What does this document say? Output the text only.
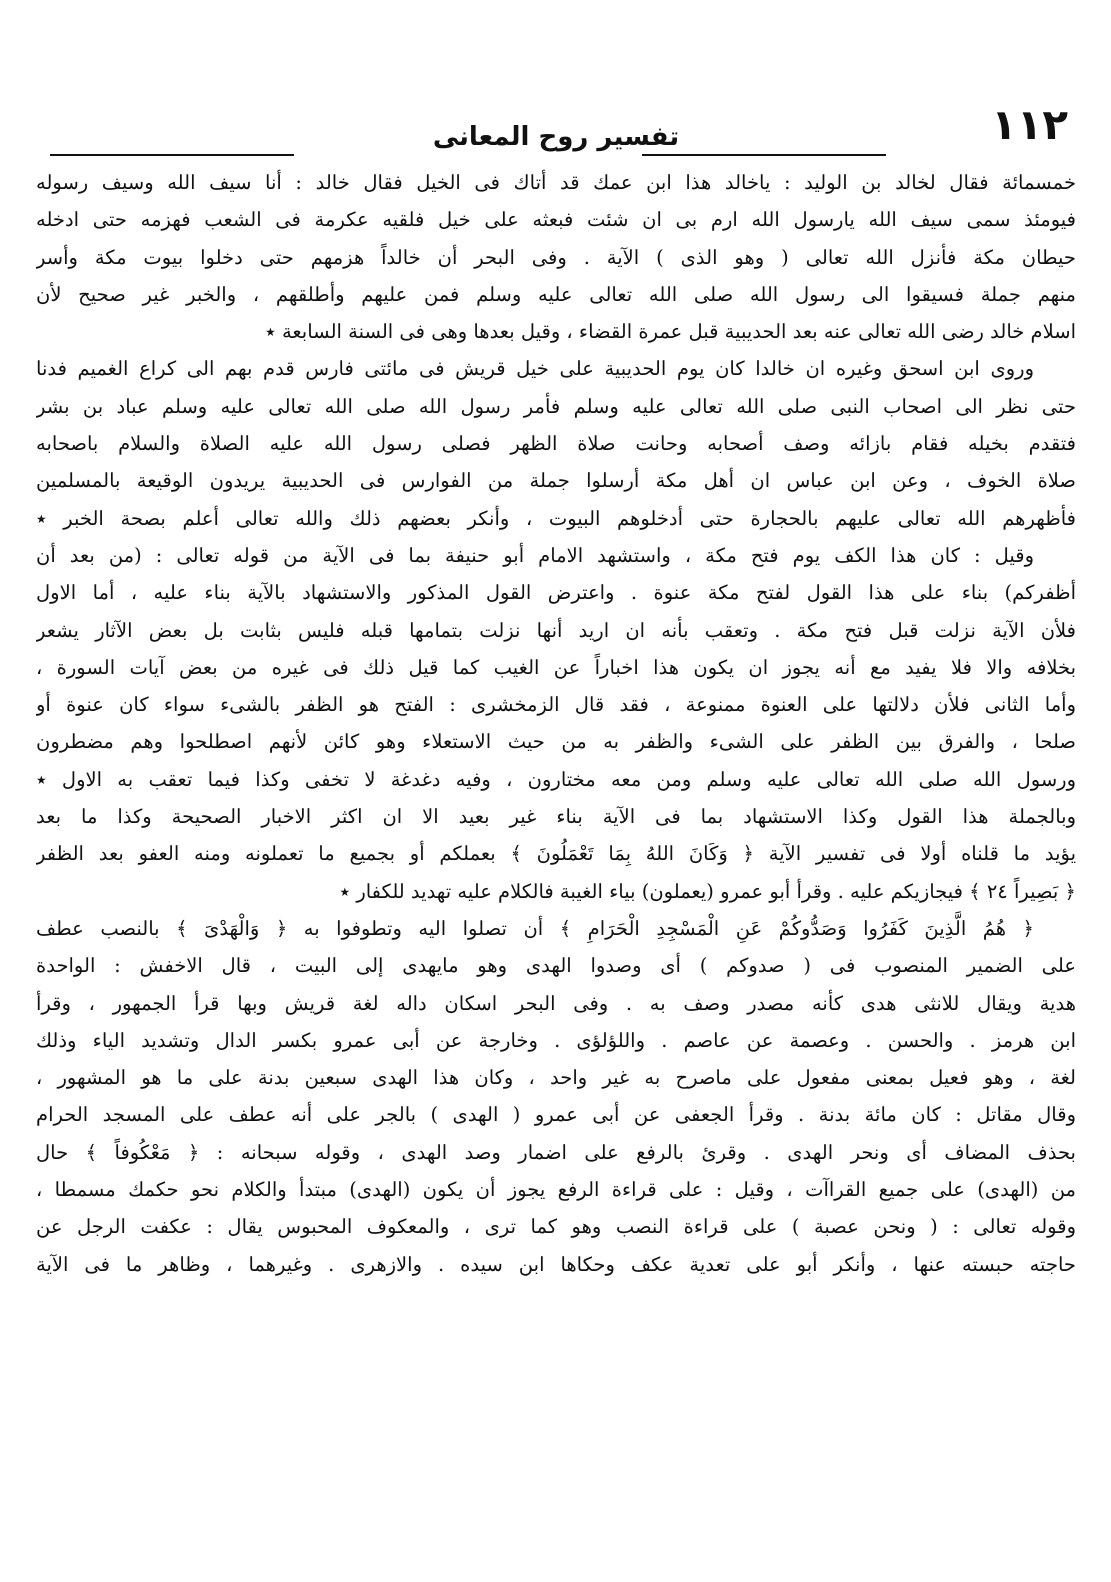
١١٢
تفسير روح المعانى
خمسمائة فقال لخالد بن الوليد : ياخالد هذا ابن عمك قد أتاك فى الخيل فقال خالد : أنا سيف الله وسيف رسوله
فيومئذ سمى سيف الله يارسول الله ارم بى ان شئت فبعثه على خيل فلقيه عكرمة فى الشعب فهزمه حتى ادخله
حيطان مكة فأنزل الله تعالى ( وهو الذى ) الآية . وفى البحر أن خالداً هزمهم حتى دخلوا بيوت مكة وأسر
منهم جملة فسيقوا الى رسول الله صلى الله تعالى عليه وسلم فمن عليهم وأطلقهم ، والخبر غير صحيح لأن
اسلام خالد رضى الله تعالى عنه بعد الحديبية قبل عمرة القضاء ، وقيل بعدها وهى فى السنة السابعة ٭
وروى ابن اسحق وغيره ان خالدا كان يوم الحديبية على خيل قريش فى مائتى فارس قدم بهم الى كراع الغميم فدنا
حتى نظر الى اصحاب النبى صلى الله تعالى عليه وسلم فأمر رسول الله صلى الله تعالى عليه وسلم عباد بن بشر
فتقدم بخيله فقام بازائه وصف أصحابه وحانت صلاة الظهر فصلى رسول الله عليه الصلاة والسلام باصحابه
صلاة الخوف ، وعن ابن عباس ان أهل مكة أرسلوا جملة من الفوارس فى الحديبية يريدون الوقيعة بالمسلمين
فأظهرهم الله تعالى عليهم بالحجارة حتى أدخلوهم البيوت ، وأنكر بعضهم ذلك والله تعالى أعلم بصحة الخبر ٭
وقيل : كان هذا الكف يوم فتح مكة ، واستشهد الامام أبو حنيفة بما فى الآية من قوله تعالى : (من بعد أن
أظفركم) بناء على هذا القول لفتح مكة عنوة . واعترض القول المذكور والاستشهاد بالآية بناء عليه ، أما الاول
فلأن الآية نزلت قبل فتح مكة . وتعقب بأنه ان اريد أنها نزلت بتمامها قبله فليس بثابت بل بعض الآثار يشعر
بخلافه والا فلا يفيد مع أنه يجوز ان يكون هذا اخباراً عن الغيب كما قيل ذلك فى غيره من بعض آيات السورة ،
وأما الثانى فلأن دلالتها على العنوة ممنوعة ، فقد قال الزمخشرى : الفتح هو الظفر بالشىء سواء كان عنوة أو
صلحا ، والفرق بين الظفر على الشىء والظفر به من حيث الاستعلاء وهو كائن لأنهم اصطلحوا وهم مضطرون
ورسول الله صلى الله تعالى عليه وسلم ومن معه مختارون ، وفيه دغدغة لا تخفى وكذا فيما تعقب به الاول ٭
وبالجملة هذا القول وكذا الاستشهاد بما فى الآية بناء غير بعيد الا ان اكثر الاخبار الصحيحة وكذا ما بعد
يؤيد ما قلناه أولا فى تفسير الآية ﴿ وَكَانَ اللهُ بِمَا تَعْمَلُونَ ﴾ بعملكم أو بجميع ما تعملونه ومنه العفو بعد الظفر
﴿ بَصِيراً ٢٤ ﴾ فيجازيكم عليه . وقرأ أبو عمرو (يعملون) بياء الغيبة فالكلام عليه تهديد للكفار ٭
﴿ هُمُ الَّذِينَ كَفَرُوا وَصَدُّوكُمْ عَنِ الْمَسْجِدِ الْحَرَامِ ﴾ أن تصلوا اليه وتطوفوا به ﴿ وَالْهَدْىَ ﴾ بالنصب عطف
على الضمير المنصوب فى ( صدوكم ) أى وصدوا الهدى وهو مايهدى إلى البيت ، قال الاخفش : الواحدة
هدية ويقال للانثى هدى كأنه مصدر وصف به . وفى البحر اسكان داله لغة قريش وبها قرأ الجمهور ، وقرأ
ابن هرمز . والحسن . وعصمة عن عاصم . واللؤلؤى . وخارجة عن أبى عمرو بكسر الدال وتشديد الياء وذلك
لغة ، وهو فعيل بمعنى مفعول على ماصرح به غير واحد ، وكان هذا الهدى سبعين بدنة على ما هو المشهور ،
وقال مقاتل : كان مائة بدنة . وقرأ الجعفى عن أبى عمرو ( الهدى ) بالجر على أنه عطف على المسجد الحرام
بحذف المضاف أى ونحر الهدى . وقرئ بالرفع على اضمار وصد الهدى ، وقوله سبحانه : ﴿ مَعْكُوفاً ﴾ حال
من (الهدى) على جميع القراآت ، وقيل : على قراءة الرفع يجوز أن يكون (الهدى) مبتدأ والكلام نحو حكمك مسمطا ،
وقوله تعالى : ( ونحن عصبة ) على قراءة النصب وهو كما ترى ، والمعكوف المحبوس يقال : عكفت الرجل عن
حاجته حبسته عنها ، وأنكر أبو على تعدية عكف وحكاها ابن سيده . والازهرى . وغيرهما ، وظاهر ما فى الآية
